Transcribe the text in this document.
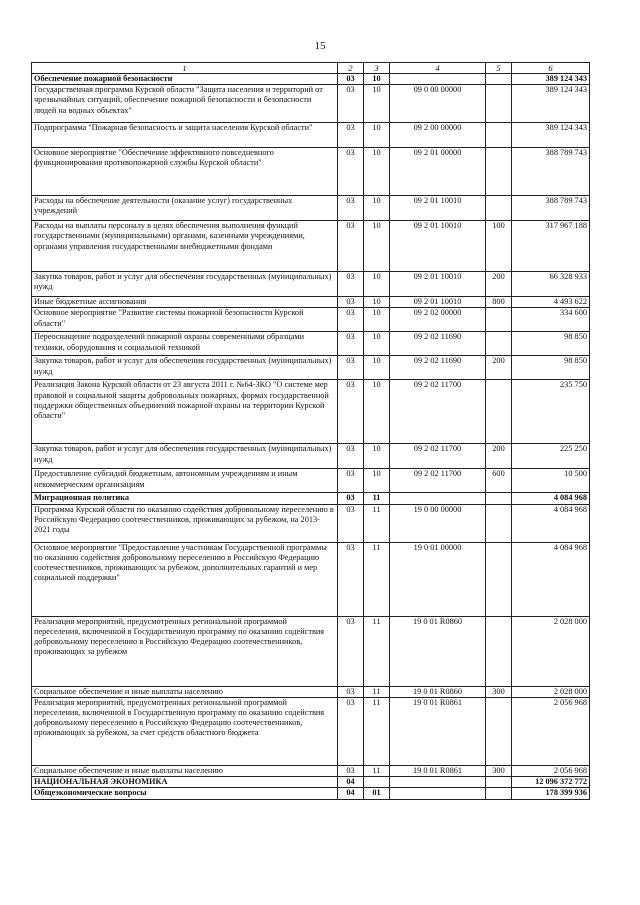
15
1	2	3	4	5	6
Обеспечение пожарной безопасности	03	10			389 124 343
Государственная программа Курской области "Защита населения и территорий от чрезвычайных ситуаций, обеспечение пожарной безопасности и безопасности людей на водных объектах"	03	10	09 0 00 00000		389 124 343
Подпрограмма "Пожарная безопасность и защита населения Курской области"	03	10	09 2 00 00000		389 124 343
Основное мероприятие "Обеспечение эффективного повседневного функционирования противопожарной службы Курской области"	03	10	09 2 01 00000		388 789 743
Расходы на обеспечение деятельности (оказание услуг) государственных учреждений	03	10	09 2 01 10010		388 789 743
Расходы на выплаты персоналу в целях обеспечения выполнения функций государственными (муниципальными) органами, казенными учреждениями, органами управления государственными внебюджетными фондами	03	10	09 2 01 10010	100	317 967 188
Закупка товаров, работ и услуг для обеспечения государственных (муниципальных) нужд	03	10	09 2 01 10010	200	66 328 933
Иные бюджетные ассигнования	03	10	09 2 01 10010	800	4 493 622
Основное мероприятие "Развитие системы пожарной безопасности Курской области"	03	10	09 2 02 00000		334 600
Переоснащение подразделений пожарной охраны современными образцами техники, оборудования и социальной техникой	03	10	09 2 02 11690		98 850
Закупка товаров, работ и услуг для обеспечения государственных (муниципальных) нужд	03	10	09 2 02 11690	200	98 850
Реализация Закона Курской области от 23 августа 2011 г. №64-ЗКО "О системе мер правовой и социальной защиты добровольных пожарных, формах государственной поддержки общественных объединений пожарной охраны на территории Курской области"	03	10	09 2 02 11700		235 750
Закупка товаров, работ и услуг для обеспечения государственных (муниципальных) нужд	03	10	09 2 02 11700	200	225 250
Предоставление субсидий бюджетным, автономным учреждениям и иным некоммерческим организациям	03	10	09 2 02 11700	600	10 500
Миграционная политика	03	11			4 084 968
Программа Курской области по оказанию содействия добровольному переселению в Российскую Федерацию соотечественников, проживающих за рубежом, на 2013-2021 годы	03	11	19 0 00 00000		4 084 968
Основное мероприятие "Предоставление участникам Государственной программы по оказанию содействия добровольному переселению в Российскую Федерацию соотечественников, проживающих за рубежом, дополнительных гарантий и мер социальной поддержки"	03	11	19 0 01 00000		4 084 968
Реализация мероприятий, предусмотренных региональной программой переселения, включенной в Государственную программу по оказанию содействия добровольному переселению в Российскую Федерацию соотечественников, проживающих за рубежом	03	11	19 0 01 R0860		2 028 000
Социальное обеспечение и иные выплаты населению	03	11	19 0 01 R0860	300	2 028 000
Реализация мероприятий, предусмотренных региональной программой переселения, включенной в Государственную программу по оказанию содействия добровольному переселению в Российскую Федерацию соотечественников, проживающих за рубежом, за счет средств областного бюджета	03	11	19 0 01 R0861		2 056 968
Социальное обеспечение и иные выплаты населению	03	11	19 0 01 R0861	300	2 056 968
НАЦИОНАЛЬНАЯ ЭКОНОМИКА	04				12 096 372 772
Общеэкономические вопросы	04	01			178 399 936
